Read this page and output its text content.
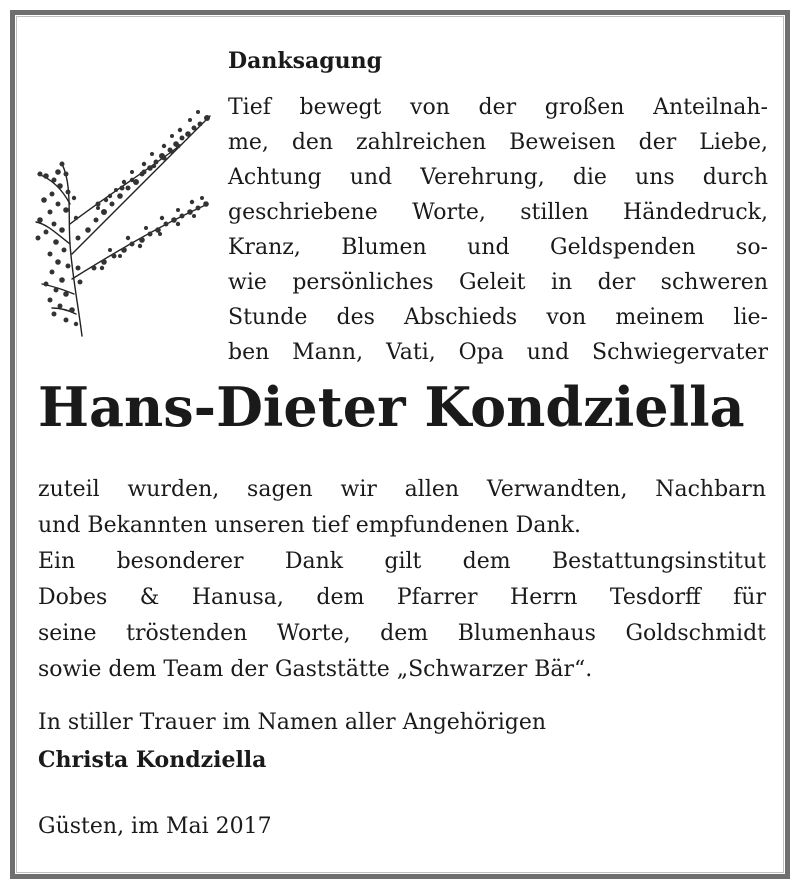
Danksagung

Tief bewegt von der großen Anteilnah-
me, den zahlreichen Beweisen der Liebe,
Achtung und Verehrung, die uns durch
geschriebene Worte, stillen Händedruck,
Kranz, Blumen und Geldspenden so-
wie persönliches Geleit in der schweren
Stunde des Abschieds von meinem lie-
ben Mann, Vati, Opa und Schwiegervater

Hans-Dieter Kondziella

zuteil wurden, sagen wir allen Verwandten, Nachbarn
und Bekannten unseren tief empfundenen Dank.
Ein besonderer Dank gilt dem Bestattungsinstitut
Dobes & Hanusa, dem Pfarrer Herrn Tesdorff für
seine tröstenden Worte, dem Blumenhaus Goldschmidt
sowie dem Team der Gaststätte „Schwarzer Bär“.

In stiller Trauer im Namen aller Angehörigen

Christa Kondziella

Güsten, im Mai 2017
